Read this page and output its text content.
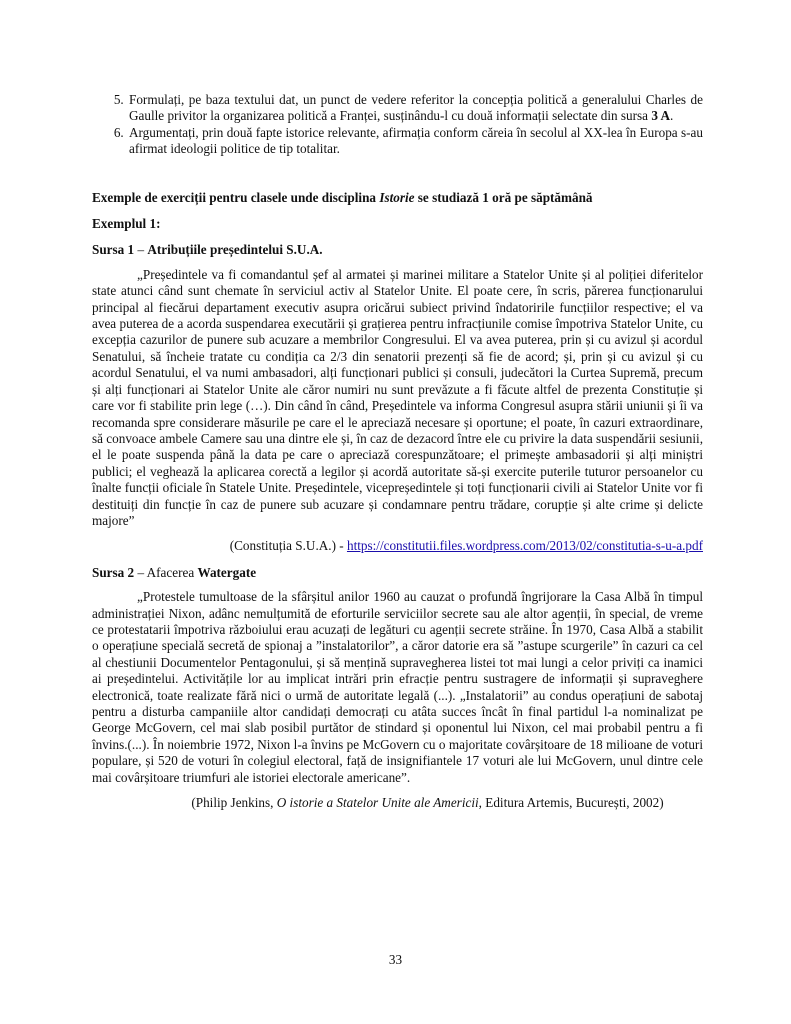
5. Formulați, pe baza textului dat, un punct de vedere referitor la concepția politică a generalului Charles de Gaulle privitor la organizarea politică a Franței, susținându-l cu două informații selectate din sursa 3 A.
6. Argumentați, prin două fapte istorice relevante, afirmația conform căreia în secolul al XX-lea în Europa s-au afirmat ideologii politice de tip totalitar.
Exemple de exerciții pentru clasele unde disciplina Istorie se studiază 1 oră pe săptămână
Exemplul 1:
Sursa 1 – Atribuțiile președintelui S.U.A.

„Președintele va fi comandantul șef al armatei și marinei militare a Statelor Unite și al poliției diferitelor state atunci când sunt chemate în serviciul activ al Statelor Unite. El poate cere, în scris, părerea funcționarului principal al fiecărui departament executiv asupra oricărui subiect privind îndatoririle funcțiilor respective; el va avea puterea de a acorda suspendarea executării și grațierea pentru infracțiunile comise împotriva Statelor Unite, cu excepția cazurilor de punere sub acuzare a membrilor Congresului. El va avea puterea, prin și cu avizul și acordul Senatului, să încheie tratate cu condiția ca 2/3 din senatorii prezenți să fie de acord; și, prin și cu avizul și cu acordul Senatului, el va numi ambasadori, alți funcționari publici și consuli, judecători la Curtea Supremă, precum și alți funcționari ai Statelor Unite ale căror numiri nu sunt prevăzute a fi făcute altfel de prezenta Constituție și care vor fi stabilite prin lege (…). Din când în când, Președintele va informa Congresul asupra stării uniunii și îi va recomanda spre considerare măsurile pe care el le apreciază necesare și oportune; el poate, în cazuri extraordinare, să convoace ambele Camere sau una dintre ele și, în caz de dezacord între ele cu privire la data suspendării sesiunii, el le poate suspenda până la data pe care o apreciază corespunzătoare; el primește ambasadorii și alți miniștri publici; el veghează la aplicarea corectă a legilor și acordă autoritate să-și exercite puterile tuturor persoanelor cu înalte funcții oficiale în Statele Unite. Președintele, vicepreședintele și toți funcționarii civili ai Statelor Unite vor fi destituiți din funcție în caz de punere sub acuzare și condamnare pentru trădare, corupție și alte crime și delicte majore”

(Constituția S.U.A.) - https://constitutii.files.wordpress.com/2013/02/constitutia-s-u-a.pdf
Sursa 2 – Afacerea Watergate

„Protestele tumultoase de la sfârșitul anilor 1960 au cauzat o profundă îngrijorare la Casa Albă în timpul administrației Nixon, adânc nemulțumită de eforturile serviciilor secrete sau ale altor agenții, în special, de vreme ce protestatarii împotriva războiului erau acuzați de legături cu agenții secrete străine. În 1970, Casa Albă a stabilit o operațiune specială secretă de spionaj a ”instalatorilor”, a căror datorie era să ”astupe scurgerile” în cazuri ca cel al chestiunii Documentelor Pentagonului, și să mențină supravegherea listei tot mai lungi a celor priviți ca inamici ai președintelui. Activitățile lor au implicat intrări prin efracție pentru sustragere de informații și supraveghere electronică, toate realizate fără nici o urmă de autoritate legală (...). „Instalatorii” au condus operațiuni de sabotaj pentru a disturba campaniile altor candidați democrați cu atâta succes încât în final partidul l-a nominalizat pe George McGovern, cel mai slab posibil purtător de stindard și oponentul lui Nixon, cel mai probabil pentru a fi învins.(...). În noiembrie 1972, Nixon l-a învins pe McGovern cu o majoritate covârșitoare de 18 milioane de voturi populare, și 520 de voturi în colegiul electoral, față de insignifiantele 17 voturi ale lui McGovern, unul dintre cele mai covârșitoare triumfuri ale istoriei electorale americane”.

(Philip Jenkins, O istorie a Statelor Unite ale Americii, Editura Artemis, București, 2002)
33
